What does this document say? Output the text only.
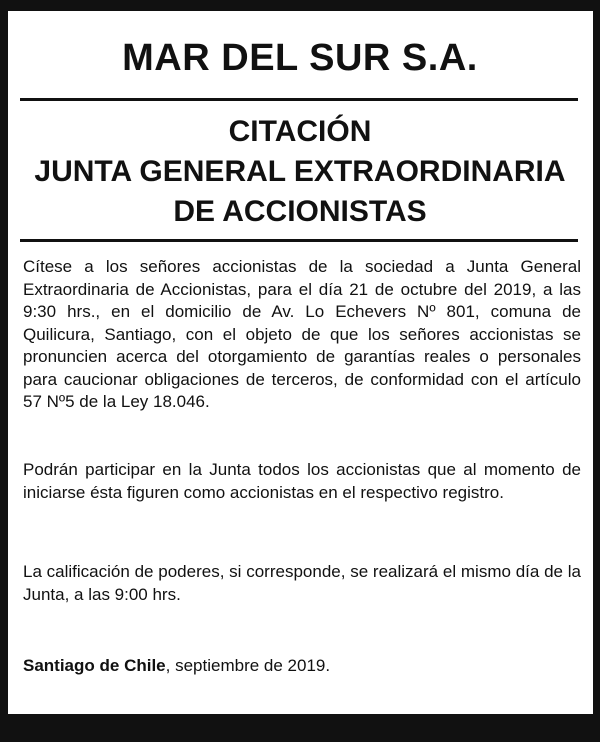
MAR DEL SUR S.A.
CITACIÓN
JUNTA GENERAL EXTRAORDINARIA
DE ACCIONISTAS
Cítese a los señores accionistas de la sociedad a Junta General Extraordinaria de Accionistas, para el día 21 de octubre del 2019, a las 9:30 hrs., en el domicilio de Av. Lo Echevers Nº 801, comuna de Quilicura, Santiago, con el objeto de que los señores accionistas se pronuncien acerca del otorgamiento de garantías reales o personales para caucionar obligaciones de terceros, de conformidad con el artículo 57 Nº5 de la Ley 18.046.
Podrán participar en la Junta todos los accionistas que al momento de iniciarse ésta figuren como accionistas en el respectivo registro.
La calificación de poderes, si corresponde, se realizará el mismo día de la Junta, a las 9:00 hrs.
Santiago de Chile, septiembre de 2019.
